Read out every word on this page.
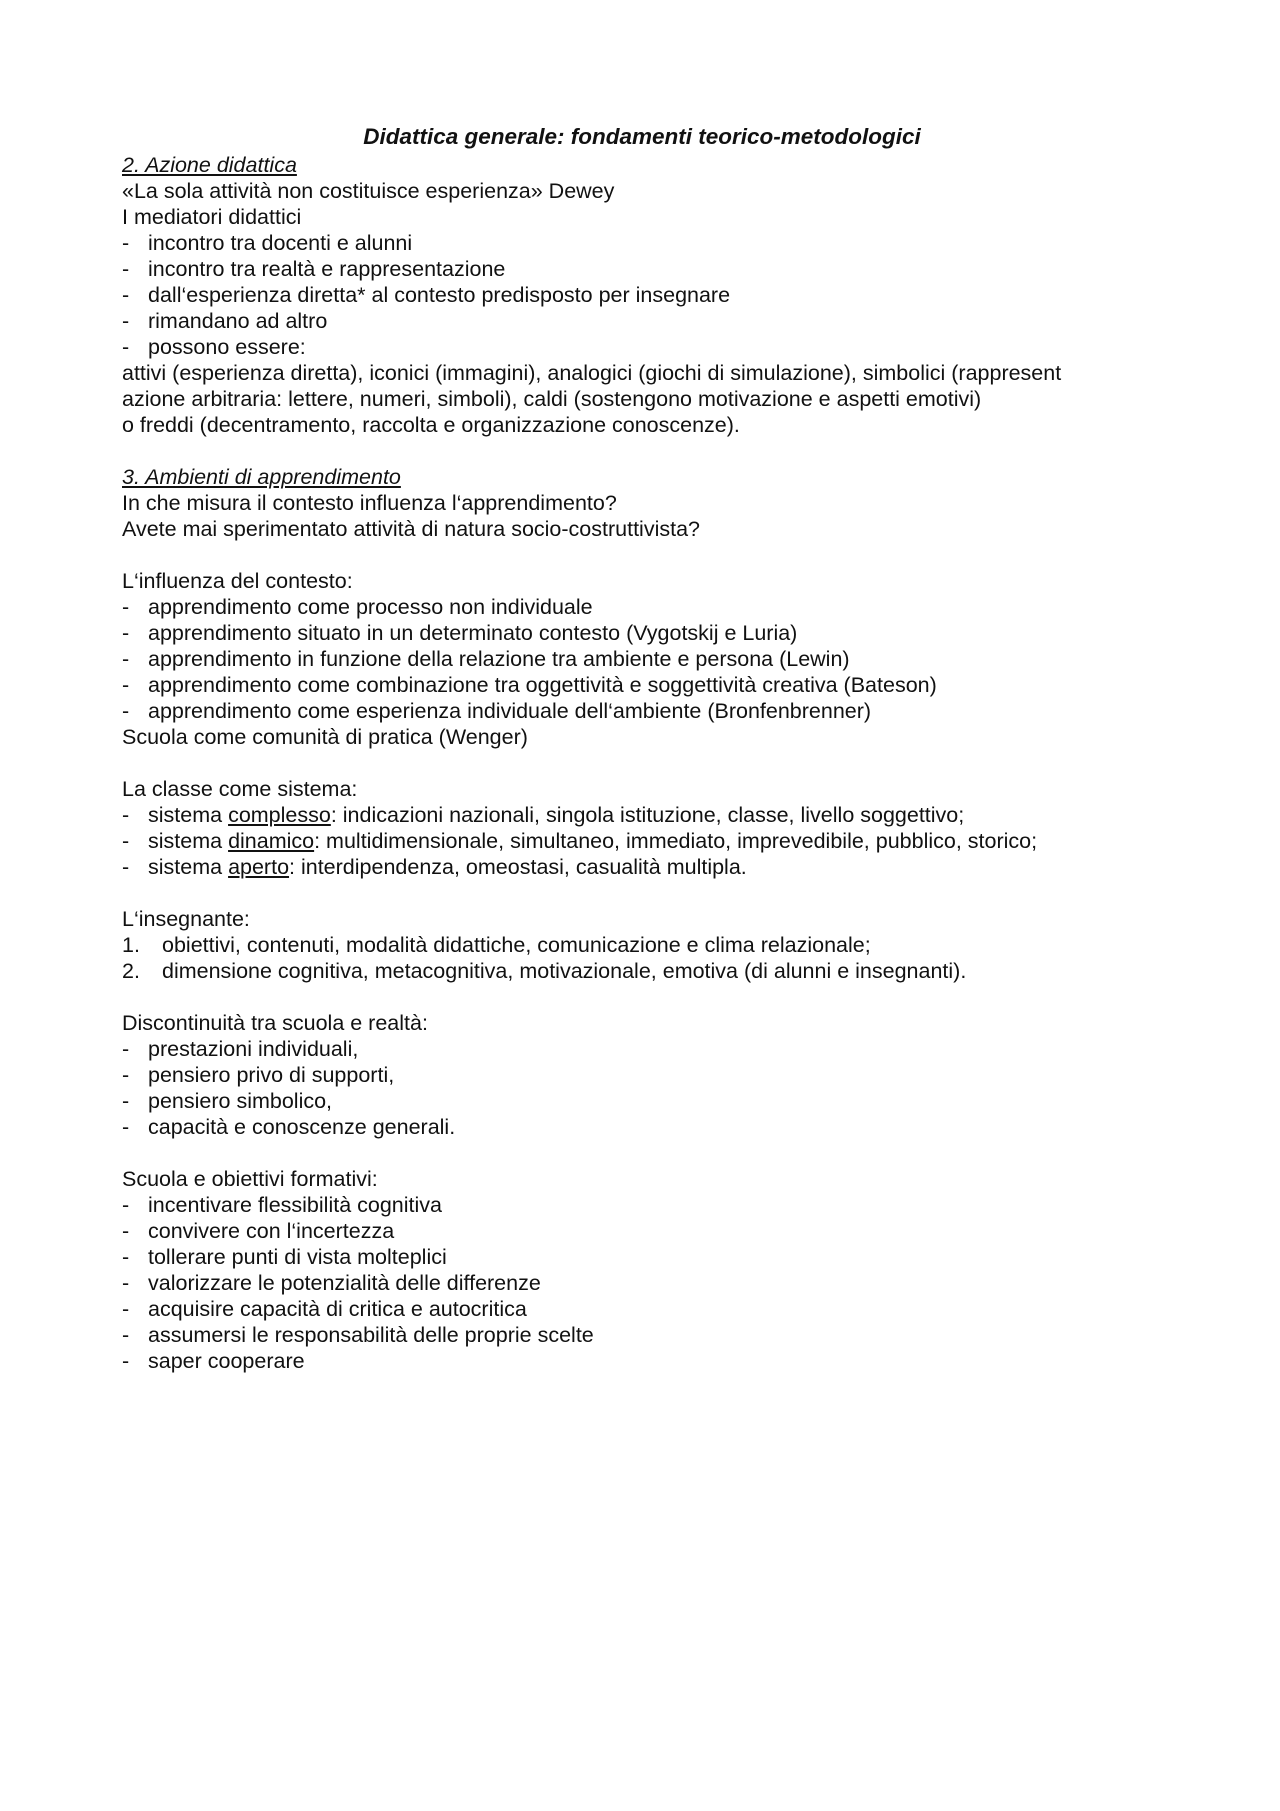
Didattica generale: fondamenti teorico-metodologici
2. Azione didattica
«La sola attività non costituisce esperienza» Dewey
I mediatori didattici
- incontro tra docenti e alunni
- incontro tra realtà e rappresentazione
- dall‘esperienza diretta* al contesto predisposto per insegnare
- rimandano ad altro
- possono essere:
attivi (esperienza diretta), iconici (immagini), analogici (giochi di simulazione), simbolici (rappresent
azione arbitraria: lettere, numeri, simboli), caldi (sostengono motivazione e aspetti emotivi)
o freddi (decentramento, raccolta e organizzazione conoscenze).
3. Ambienti di apprendimento
In che misura il contesto influenza l‘apprendimento?
Avete mai sperimentato attività di natura socio-costruttivista?
L‘influenza del contesto:
- apprendimento come processo non individuale
- apprendimento situato in un determinato contesto (Vygotskij e Luria)
- apprendimento in funzione della relazione tra ambiente e persona (Lewin)
- apprendimento come combinazione tra oggettività e soggettività creativa (Bateson)
- apprendimento come esperienza individuale dell‘ambiente (Bronfenbrenner)
Scuola come comunità di pratica (Wenger)
La classe come sistema:
- sistema complesso: indicazioni nazionali, singola istituzione, classe, livello soggettivo;
- sistema dinamico: multidimensionale, simultaneo, immediato, imprevedibile, pubblico, storico;
- sistema aperto: interdipendenza, omeostasi, casualità multipla.
L‘insegnante:
1.	obiettivi, contenuti, modalità didattiche, comunicazione e clima relazionale;
2.	dimensione cognitiva, metacognitiva, motivazionale, emotiva (di alunni e insegnanti).
Discontinuità tra scuola e realtà:
- prestazioni individuali,
- pensiero privo di supporti,
- pensiero simbolico,
- capacità e conoscenze generali.
Scuola e obiettivi formativi:
- incentivare flessibilità cognitiva
- convivere con l‘incertezza
- tollerare punti di vista molteplici
- valorizzare le potenzialità delle differenze
- acquisire capacità di critica e autocritica
- assumersi le responsabilità delle proprie scelte
- saper cooperare
